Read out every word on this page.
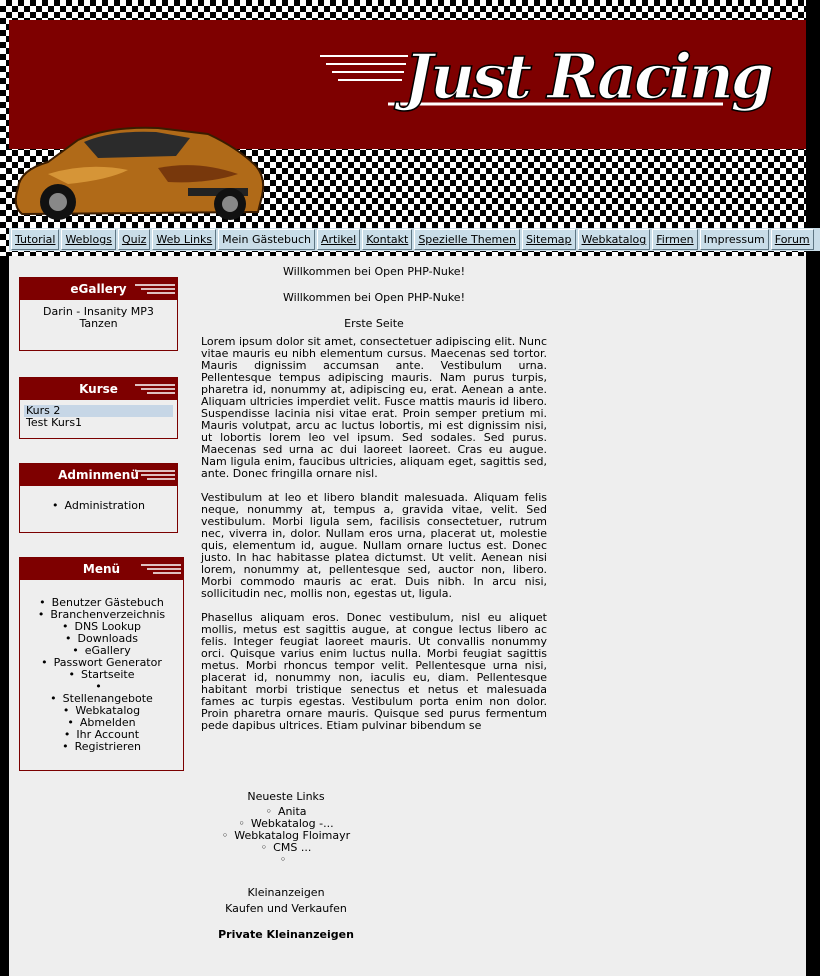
Just Racing
Tutorial Weblogs Quiz Web Links Mein Gästebuch Artikel Kontakt Spezielle Themen Sitemap Webkatalog Firmen Impressum Forum
eGallery
Darin - Insanity MP3 Tanzen
Kurse
Kurs 2
Test Kurs1
Adminmenü
• Administration
Menü
• Benutzer Gästebuch
• Branchenverzeichnis
• DNS Lookup
• Downloads
• eGallery
• Passwort Generator
• Startseite
•
• Stellenangebote
• Webkatalog
• Abmelden
• Ihr Account
• Registrieren
Willkommen bei Open PHP-Nuke!
Willkommen bei Open PHP-Nuke!
Erste Seite

Lorem ipsum dolor sit amet, consectetuer adipiscing elit. Nunc vitae mauris eu nibh elementum cursus. Maecenas sed tortor. Mauris dignissim accumsan ante. Vestibulum urna. Pellentesque tempus adipiscing mauris. Nam purus turpis, pharetra id, nonummy at, adipiscing eu, erat. Aenean a ante. Aliquam ultricies imperdiet velit. Fusce mattis mauris id libero. Suspendisse lacinia nisi vitae erat. Proin semper pretium mi. Mauris volutpat, arcu ac luctus lobortis, mi est dignissim nisi, ut lobortis lorem leo vel ipsum. Sed sodales. Sed purus. Maecenas sed urna ac dui laoreet laoreet. Cras eu augue. Nam ligula enim, faucibus ultricies, aliquam eget, sagittis sed, ante. Donec fringilla ornare nisl.

Vestibulum at leo et libero blandit malesuada. Aliquam felis neque, nonummy at, tempus a, gravida vitae, velit. Sed vestibulum. Morbi ligula sem, facilisis consectetuer, rutrum nec, viverra in, dolor. Nullam eros urna, placerat ut, molestie quis, elementum id, augue. Nullam ornare luctus est. Donec justo. In hac habitasse platea dictumst. Ut velit. Aenean nisi lorem, nonummy at, pellentesque sed, auctor non, libero. Morbi commodo mauris ac erat. Duis nibh. In arcu nisi, sollicitudin nec, mollis non, egestas ut, ligula.

Phasellus aliquam eros. Donec vestibulum, nisl eu aliquet mollis, metus est sagittis augue, at congue lectus libero ac felis. Integer feugiat laoreet mauris. Ut convallis nonummy orci. Quisque varius enim luctus nulla. Morbi feugiat sagittis metus. Morbi rhoncus tempor velit. Pellentesque urna nisi, placerat id, nonummy non, iaculis eu, diam. Pellentesque habitant morbi tristique senectus et netus et malesuada fames ac turpis egestas. Vestibulum porta enim non dolor. Proin pharetra ornare mauris. Quisque sed purus fermentum pede dapibus ultrices. Etiam pulvinar bibendum se

Neueste Links
◦ Anita
◦ Webkatalog -...
◦ Webkatalog Floimayr
◦ CMS ...
◦
Kleinanzeigen
Kaufen und Verkaufen
Private Kleinanzeigen
